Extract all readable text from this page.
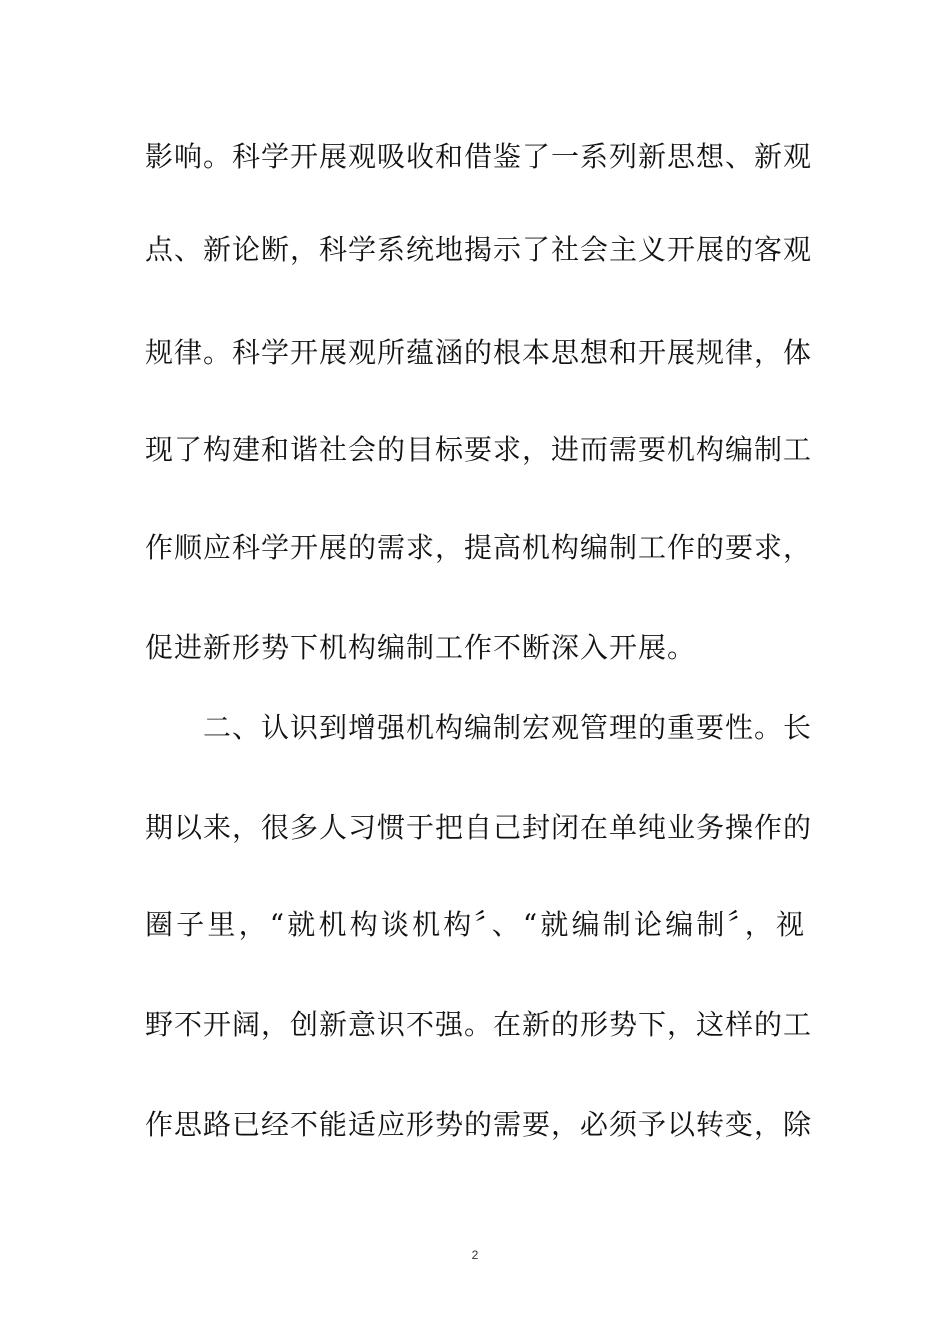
影响。科学开展观吸收和借鉴了一系列新思想、新观
点、新论断，科学系统地揭示了社会主义开展的客观
规律。科学开展观所蕴涵的根本思想和开展规律，体
现了构建和谐社会的目标要求，进而需要机构编制工
作顺应科学开展的需求，提高机构编制工作的要求，
促进新形势下机构编制工作不断深入开展。
二、认识到增强机构编制宏观管理的重要性。长
期以来，很多人习惯于把自己封闭在单纯业务操作的
圈子里，“就机构谈机构〞、“就编制论编制〞，视
野不开阔，创新意识不强。在新的形势下，这样的工
作思路已经不能适应形势的需要，必须予以转变，除
2
